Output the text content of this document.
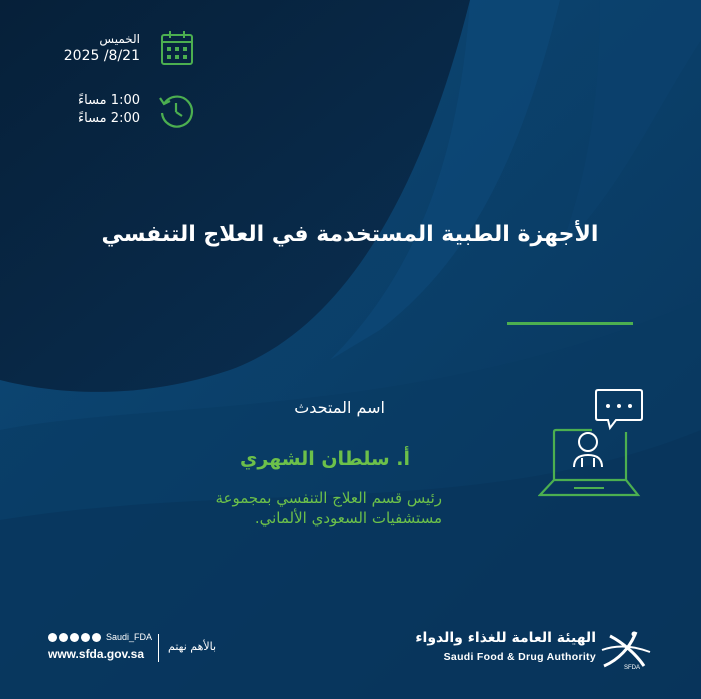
الخميس
2025 /8/21
1:00 مساءً
2:00 مساءً
الأجهزة الطبية المستخدمة في العلاج التنفسي
اسم المتحدث
أ. سلطان الشهري
رئيس قسم العلاج التنفسي بمجموعة
مستشفيات السعودي الألماني.
Saudi_FDA
www.sfda.gov.sa
بالأهم نهتم
الهيئة العامة للغذاء والدواء
Saudi Food & Drug Authority
SFDA
